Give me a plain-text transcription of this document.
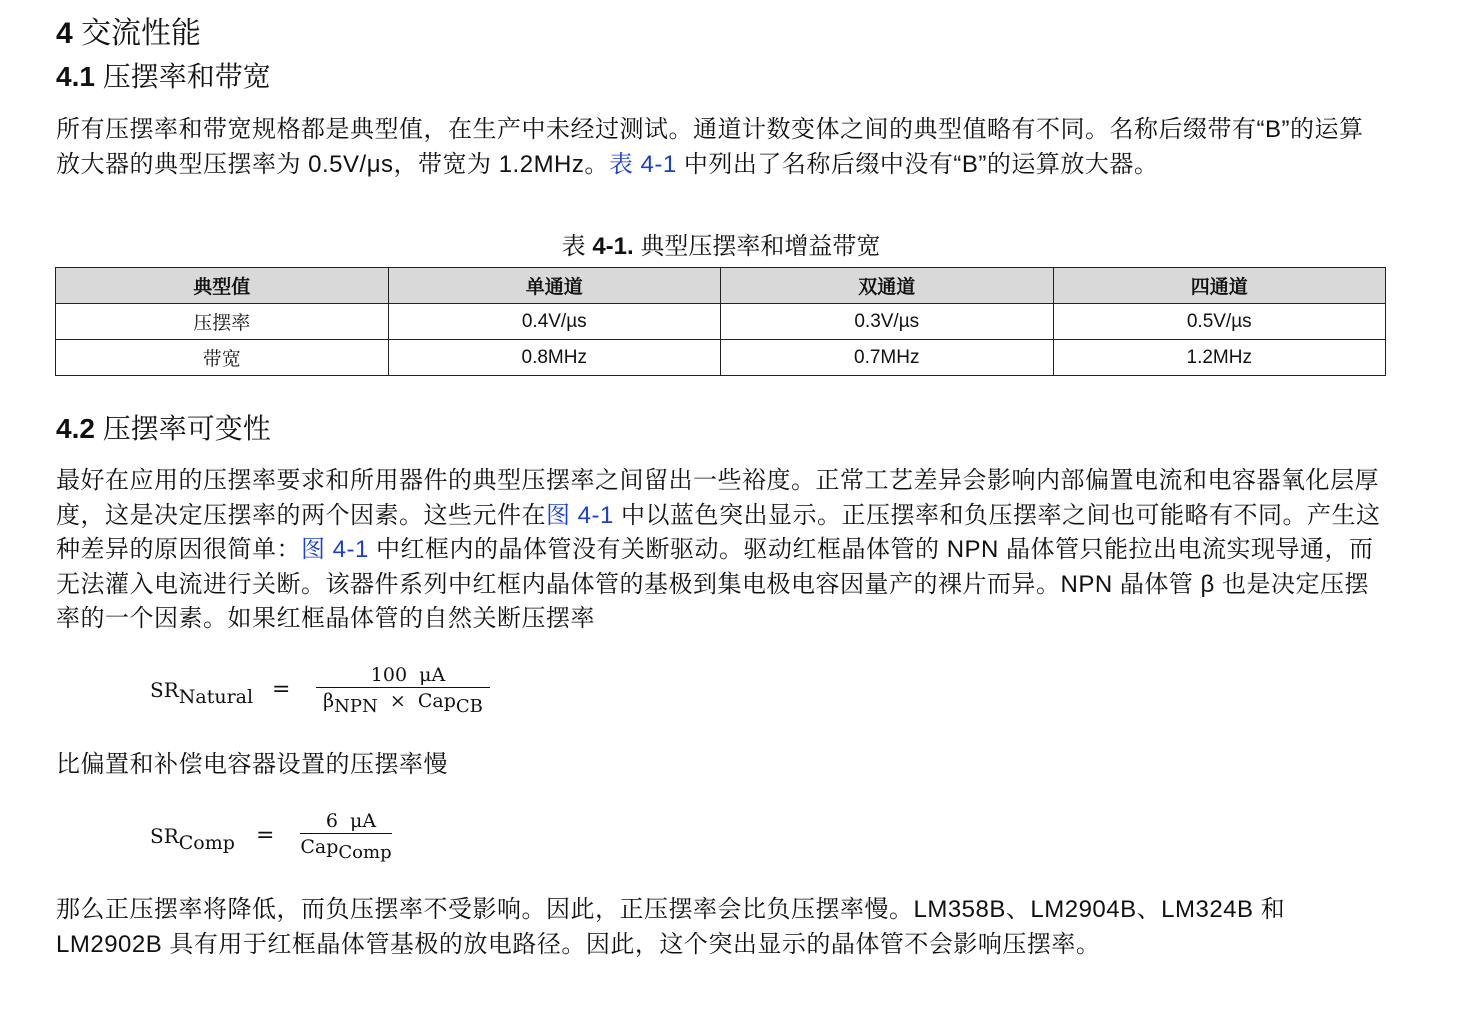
4 交流性能
4.1 压摆率和带宽

所有压摆率和带宽规格都是典型值，在生产中未经过测试。通道计数变体之间的典型值略有不同。名称后缀带有“B”的运算放大器的典型压摆率为 0.5V/μs，带宽为 1.2MHz。表 4-1 中列出了名称后缀中没有“B”的运算放大器。

表 4-1. 典型压摆率和增益带宽
典型值	单通道	双通道	四通道
压摆率	0.4V/µs	0.3V/µs	0.5V/µs
带宽	0.8MHz	0.7MHz	1.2MHz
4.2 压摆率可变性

最好在应用的压摆率要求和所用器件的典型压摆率之间留出一些裕度。正常工艺差异会影响内部偏置电流和电容器氧化层厚度，这是决定压摆率的两个因素。这些元件在图 4-1 中以蓝色突出显示。正压摆率和负压摆率之间也可能略有不同。产生这种差异的原因很简单：图 4-1 中红框内的晶体管没有关断驱动。驱动红框晶体管的 NPN 晶体管只能拉出电流实现导通，而无法灌入电流进行关断。该器件系列中红框内晶体管的基极到集电极电容因量产的裸片而异。NPN 晶体管 β 也是决定压摆率的一个因素。如果红框晶体管的自然关断压摆率

$SR_{Natural}$ =
100  μA
$\beta_{NPN} \times Cap_{CB}$

比偏置和补偿电容器设置的压摆率慢

$SR_{Comp}$ =
6  μA
Cap$_{Comp}$

那么正压摆率将降低，而负压摆率不受影响。因此，正压摆率会比负压摆率慢。LM358B、LM2904B、LM324B 和 LM2902B 具有用于红框晶体管基极的放电路径。因此，这个突出显示的晶体管不会影响压摆率。
